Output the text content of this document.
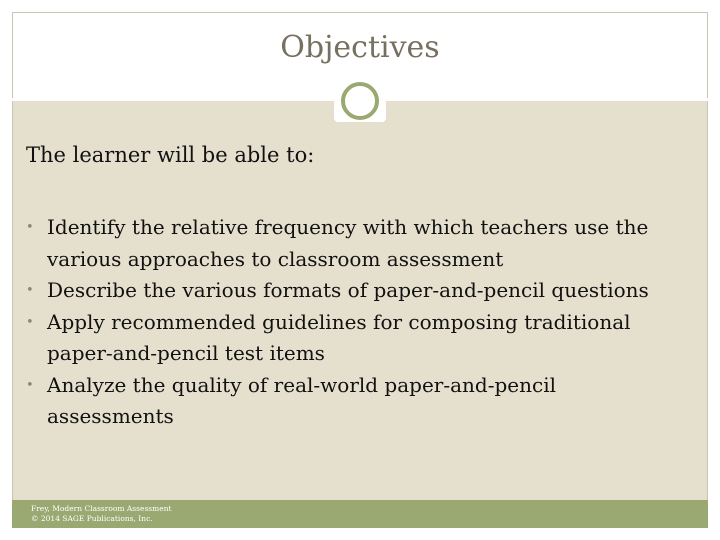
Objectives

The learner will be able to:

• Identify the relative frequency with which teachers use the various approaches to classroom assessment
• Describe the various formats of paper-and-pencil questions
• Apply recommended guidelines for composing traditional paper-and-pencil test items
• Analyze the quality of real-world paper-and-pencil assessments
Frey, Modern Classroom Assessment
© 2014 SAGE Publications, Inc.
